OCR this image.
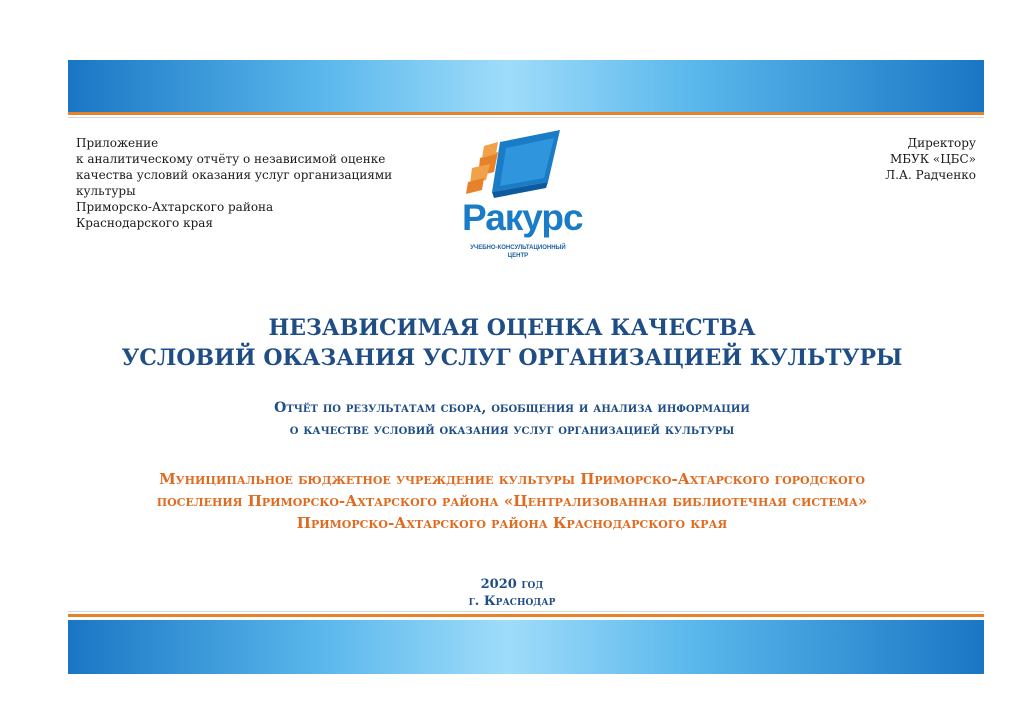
Приложение
к аналитическому отчёту о независимой оценке
качества условий оказания услуг организациями
культуры
Приморско-Ахтарского района
Краснодарского края
Директору
МБУК «ЦБС»
Л.А. Радченко
Ракурс
УЧЕБНО-КОНСУЛЬТАЦИОННЫЙ
ЦЕНТР
НЕЗАВИСИМАЯ ОЦЕНКА КАЧЕСТВА
УСЛОВИЙ ОКАЗАНИЯ УСЛУГ ОРГАНИЗАЦИЕЙ КУЛЬТУРЫ
Отчёт по результатам сбора, обобщения и анализа информации
о качестве условий оказания услуг организацией культуры
Муниципальное бюджетное учреждение культуры Приморско-Ахтарского городского
поселения Приморско-Ахтарского района «Централизованная библиотечная система»
Приморско-Ахтарского района Краснодарского края
2020 год
г. Краснодар
